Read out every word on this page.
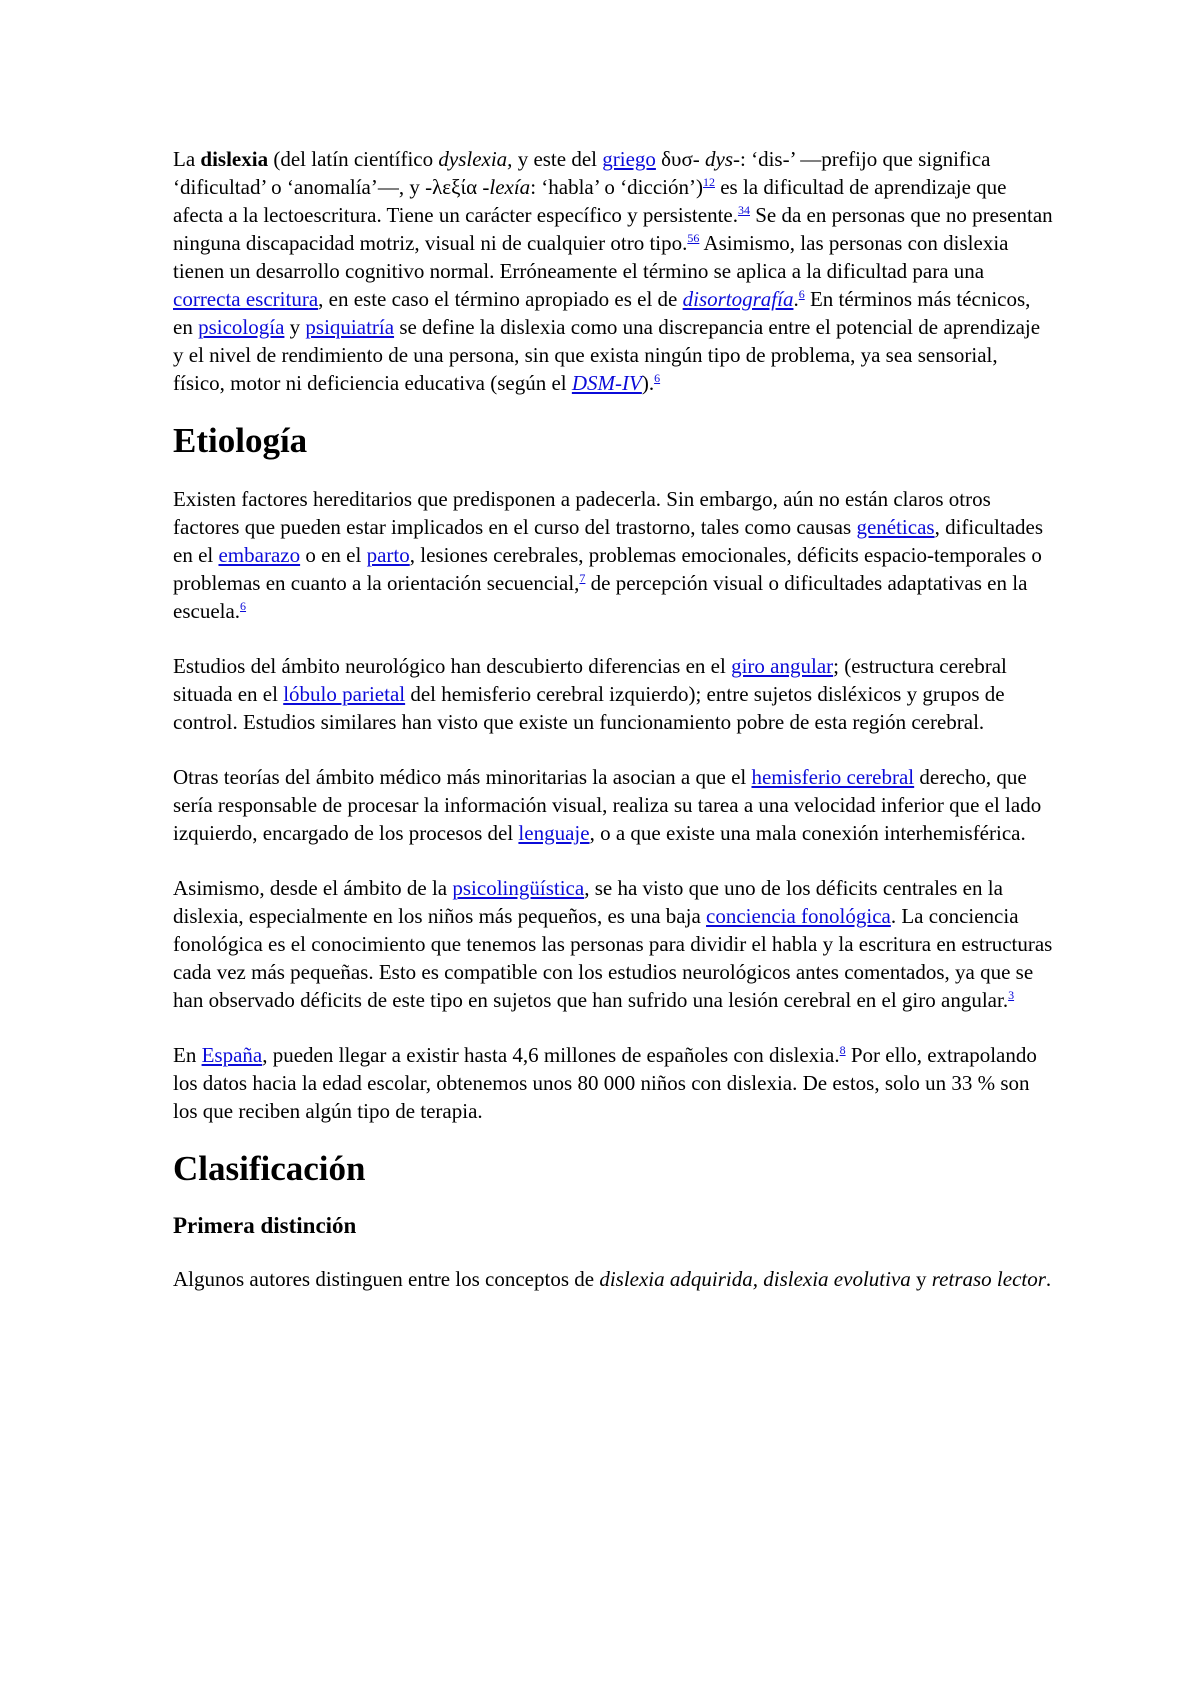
La dislexia (del latín científico dyslexia, y este del griego δυσ- dys-: ‘dis-’ —prefijo que significa ‘dificultad’ o ‘anomalía’—, y -λεξία -lexía: ‘habla’ o ‘dicción’)$^{12}$ es la dificultad de aprendizaje que afecta a la lectoescritura. Tiene un carácter específico y persistente.$^{34}$ Se da en personas que no presentan ninguna discapacidad motriz, visual ni de cualquier otro tipo.$^{56}$ Asimismo, las personas con dislexia tienen un desarrollo cognitivo normal. Erróneamente el término se aplica a la dificultad para una correcta escritura, en este caso el término apropiado es el de disortografía.$^6$ En términos más técnicos, en psicología y psiquiatría se define la dislexia como una discrepancia entre el potencial de aprendizaje y el nivel de rendimiento de una persona, sin que exista ningún tipo de problema, ya sea sensorial, físico, motor ni deficiencia educativa (según el DSM-IV).$^6$

Etiología

Existen factores hereditarios que predisponen a padecerla. Sin embargo, aún no están claros otros factores que pueden estar implicados en el curso del trastorno, tales como causas genéticas, dificultades en el embarazo o en el parto, lesiones cerebrales, problemas emocionales, déficits espacio-temporales o problemas en cuanto a la orientación secuencial,$^7$ de percepción visual o dificultades adaptativas en la escuela.$^6$

Estudios del ámbito neurológico han descubierto diferencias en el giro angular; (estructura cerebral situada en el lóbulo parietal del hemisferio cerebral izquierdo); entre sujetos disléxicos y grupos de control. Estudios similares han visto que existe un funcionamiento pobre de esta región cerebral.

Otras teorías del ámbito médico más minoritarias la asocian a que el hemisferio cerebral derecho, que sería responsable de procesar la información visual, realiza su tarea a una velocidad inferior que el lado izquierdo, encargado de los procesos del lenguaje, o a que existe una mala conexión interhemisférica.

Asimismo, desde el ámbito de la psicolingüística, se ha visto que uno de los déficits centrales en la dislexia, especialmente en los niños más pequeños, es una baja conciencia fonológica. La conciencia fonológica es el conocimiento que tenemos las personas para dividir el habla y la escritura en estructuras cada vez más pequeñas. Esto es compatible con los estudios neurológicos antes comentados, ya que se han observado déficits de este tipo en sujetos que han sufrido una lesión cerebral en el giro angular.$^3$

En España, pueden llegar a existir hasta 4,6 millones de españoles con dislexia.$^8$ Por ello, extrapolando los datos hacia la edad escolar, obtenemos unos 80 000 niños con dislexia. De estos, solo un 33 % son los que reciben algún tipo de terapia.

Clasificación
Primera distinción

Algunos autores distinguen entre los conceptos de dislexia adquirida, dislexia evolutiva y retraso lector.
